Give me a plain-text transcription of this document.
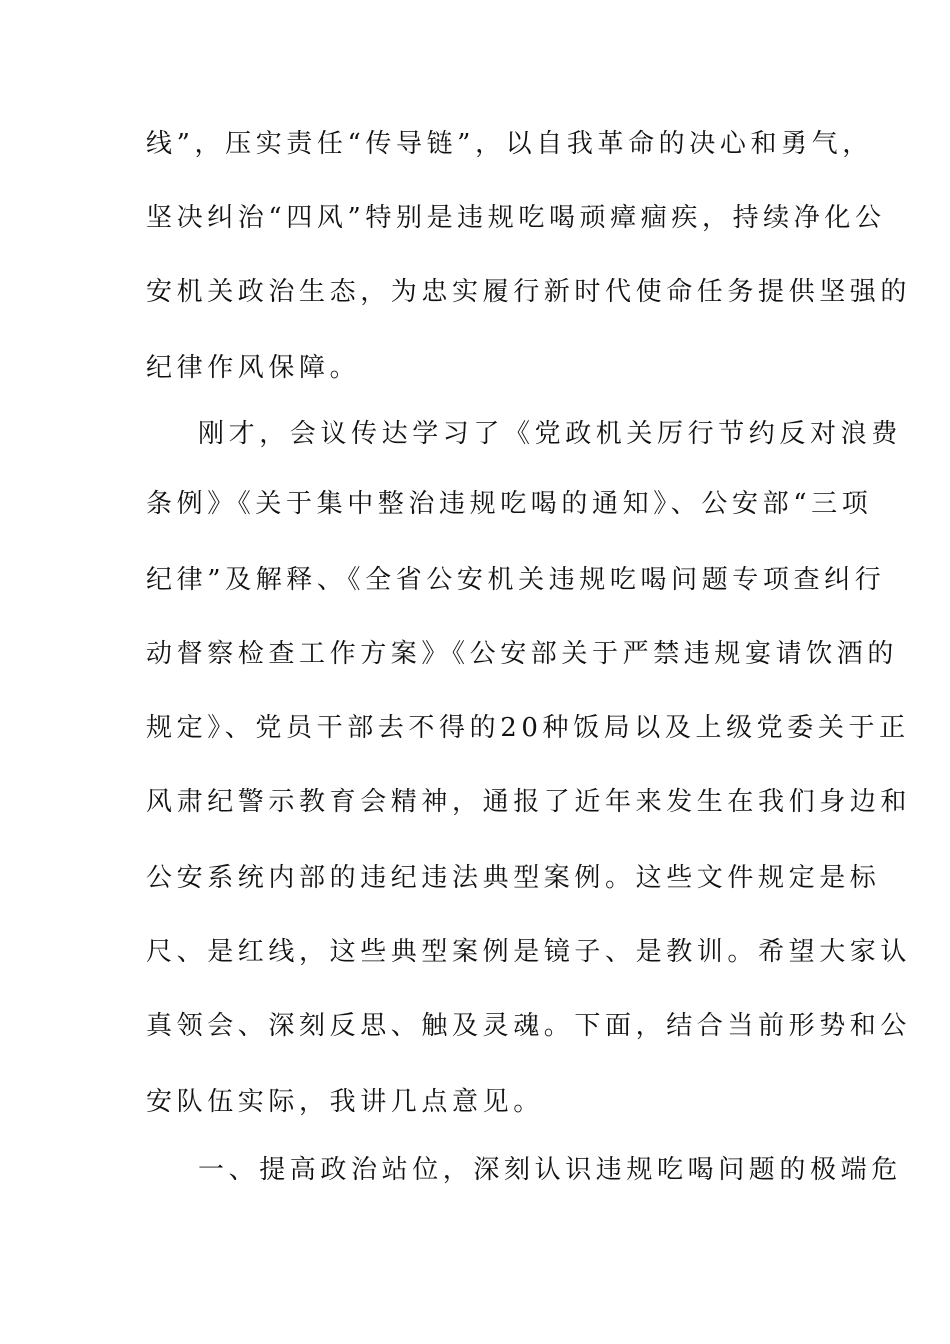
线”，压实责任“传导链”，以自我革命的决心和勇气，
坚决纠治“四风”特别是违规吃喝顽瘴痼疾，持续净化公
安机关政治生态，为忠实履行新时代使命任务提供坚强的
纪律作风保障。
刚才，会议传达学习了《党政机关厉行节约反对浪费
条例》《关于集中整治违规吃喝的通知》、公安部“三项
纪律”及解释、《全省公安机关违规吃喝问题专项查纠行
动督察检查工作方案》《公安部关于严禁违规宴请饮酒的
规定》、党员干部去不得的20种饭局以及上级党委关于正
风肃纪警示教育会精神，通报了近年来发生在我们身边和
公安系统内部的违纪违法典型案例。这些文件规定是标
尺、是红线，这些典型案例是镜子、是教训。希望大家认
真领会、深刻反思、触及灵魂。下面，结合当前形势和公
安队伍实际，我讲几点意见。
一、提高政治站位，深刻认识违规吃喝问题的极端危
